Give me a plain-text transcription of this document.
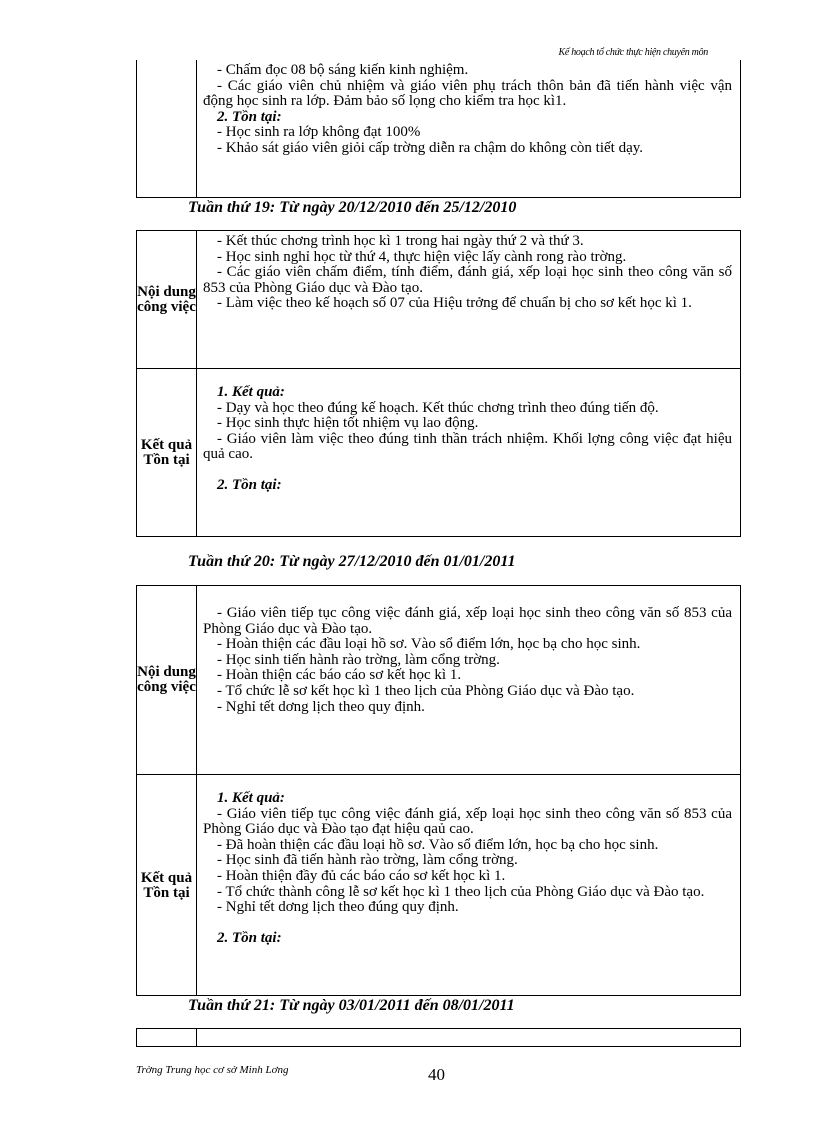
Kế hoạch tổ chức thực hiện chuyên môn

- Chấm đọc 08 bộ sáng kiến kinh nghiệm.

- Các giáo viên chủ nhiệm và giáo viên phụ trách thôn bản đã tiến hành việc vận động học sinh ra lớp. Đảm bảo số lọng cho kiểm tra học kì1.

2. Tồn tại:

- Học sinh ra lớp không đạt 100%

- Khảo sát giáo viên giỏi cấp trờng diễn ra chậm do không còn tiết dạy.

Tuần thứ 19: Từ ngày 20/12/2010 đến 25/12/2010
Nội dung công việc

- Kết thúc chơng trình học kì 1 trong hai ngày thứ 2 và thứ 3.

- Học sinh nghỉ học từ thứ 4, thực hiện việc lấy cành rong rào trờng.

- Các giáo viên chấm điểm, tính điểm, đánh giá, xếp loại học sinh theo công văn số 853 của Phòng Giáo dục và Đào tạo.

- Làm việc theo kế hoạch số 07 của Hiệu trởng để chuẩn bị cho sơ kết học kì 1.

Kết quả Tồn tại

1. Kết quả:

- Dạy và học theo đúng kế hoạch. Kết thúc chơng trình theo đúng tiến độ.

- Học sinh thực hiện tốt nhiệm vụ lao động.

- Giáo viên làm việc theo đúng tinh thần trách nhiệm. Khối lợng công việc đạt hiệu quả cao.

2. Tồn tại:

Tuần thứ 20: Từ ngày 27/12/2010 đến 01/01/2011
Nội dung công việc

- Giáo viên tiếp tục công việc đánh giá, xếp loại học sinh theo công văn số 853 của Phòng Giáo dục và Đào tạo.

- Hoàn thiện các đầu loại hồ sơ. Vào sổ điểm lớn, học bạ cho học sinh.

- Học sinh tiến hành rào trờng, làm cổng trờng.

- Hoàn thiện các báo cáo sơ kết học kì 1.

- Tổ chức lễ sơ kết học kì 1 theo lịch của Phòng Giáo dục và Đào tạo.

- Nghỉ tết dơng lịch theo quy định.

Kết quả Tồn tại

1. Kết quả:

- Giáo viên tiếp tục công việc đánh giá, xếp loại học sinh theo công văn số 853 của Phòng Giáo dục và Đào tạo đạt hiệu qaủ cao.

- Đã hoàn thiện các đầu loại hồ sơ. Vào sổ điểm lớn, học bạ cho học sinh.

- Học sinh đã tiến hành rào trờng, làm cổng trờng.

- Hoàn thiện đầy đủ các báo cáo sơ kết học kì 1.

- Tổ chức thành công lễ sơ kết học kì 1 theo lịch của Phòng Giáo dục và Đào tạo.

- Nghỉ tết dơng lịch theo đúng quy định.

2. Tồn tại:

Tuần thứ 21: Từ ngày 03/01/2011 đến 08/01/2011
Trờng Trung học cơ sở Minh Lơng	40
